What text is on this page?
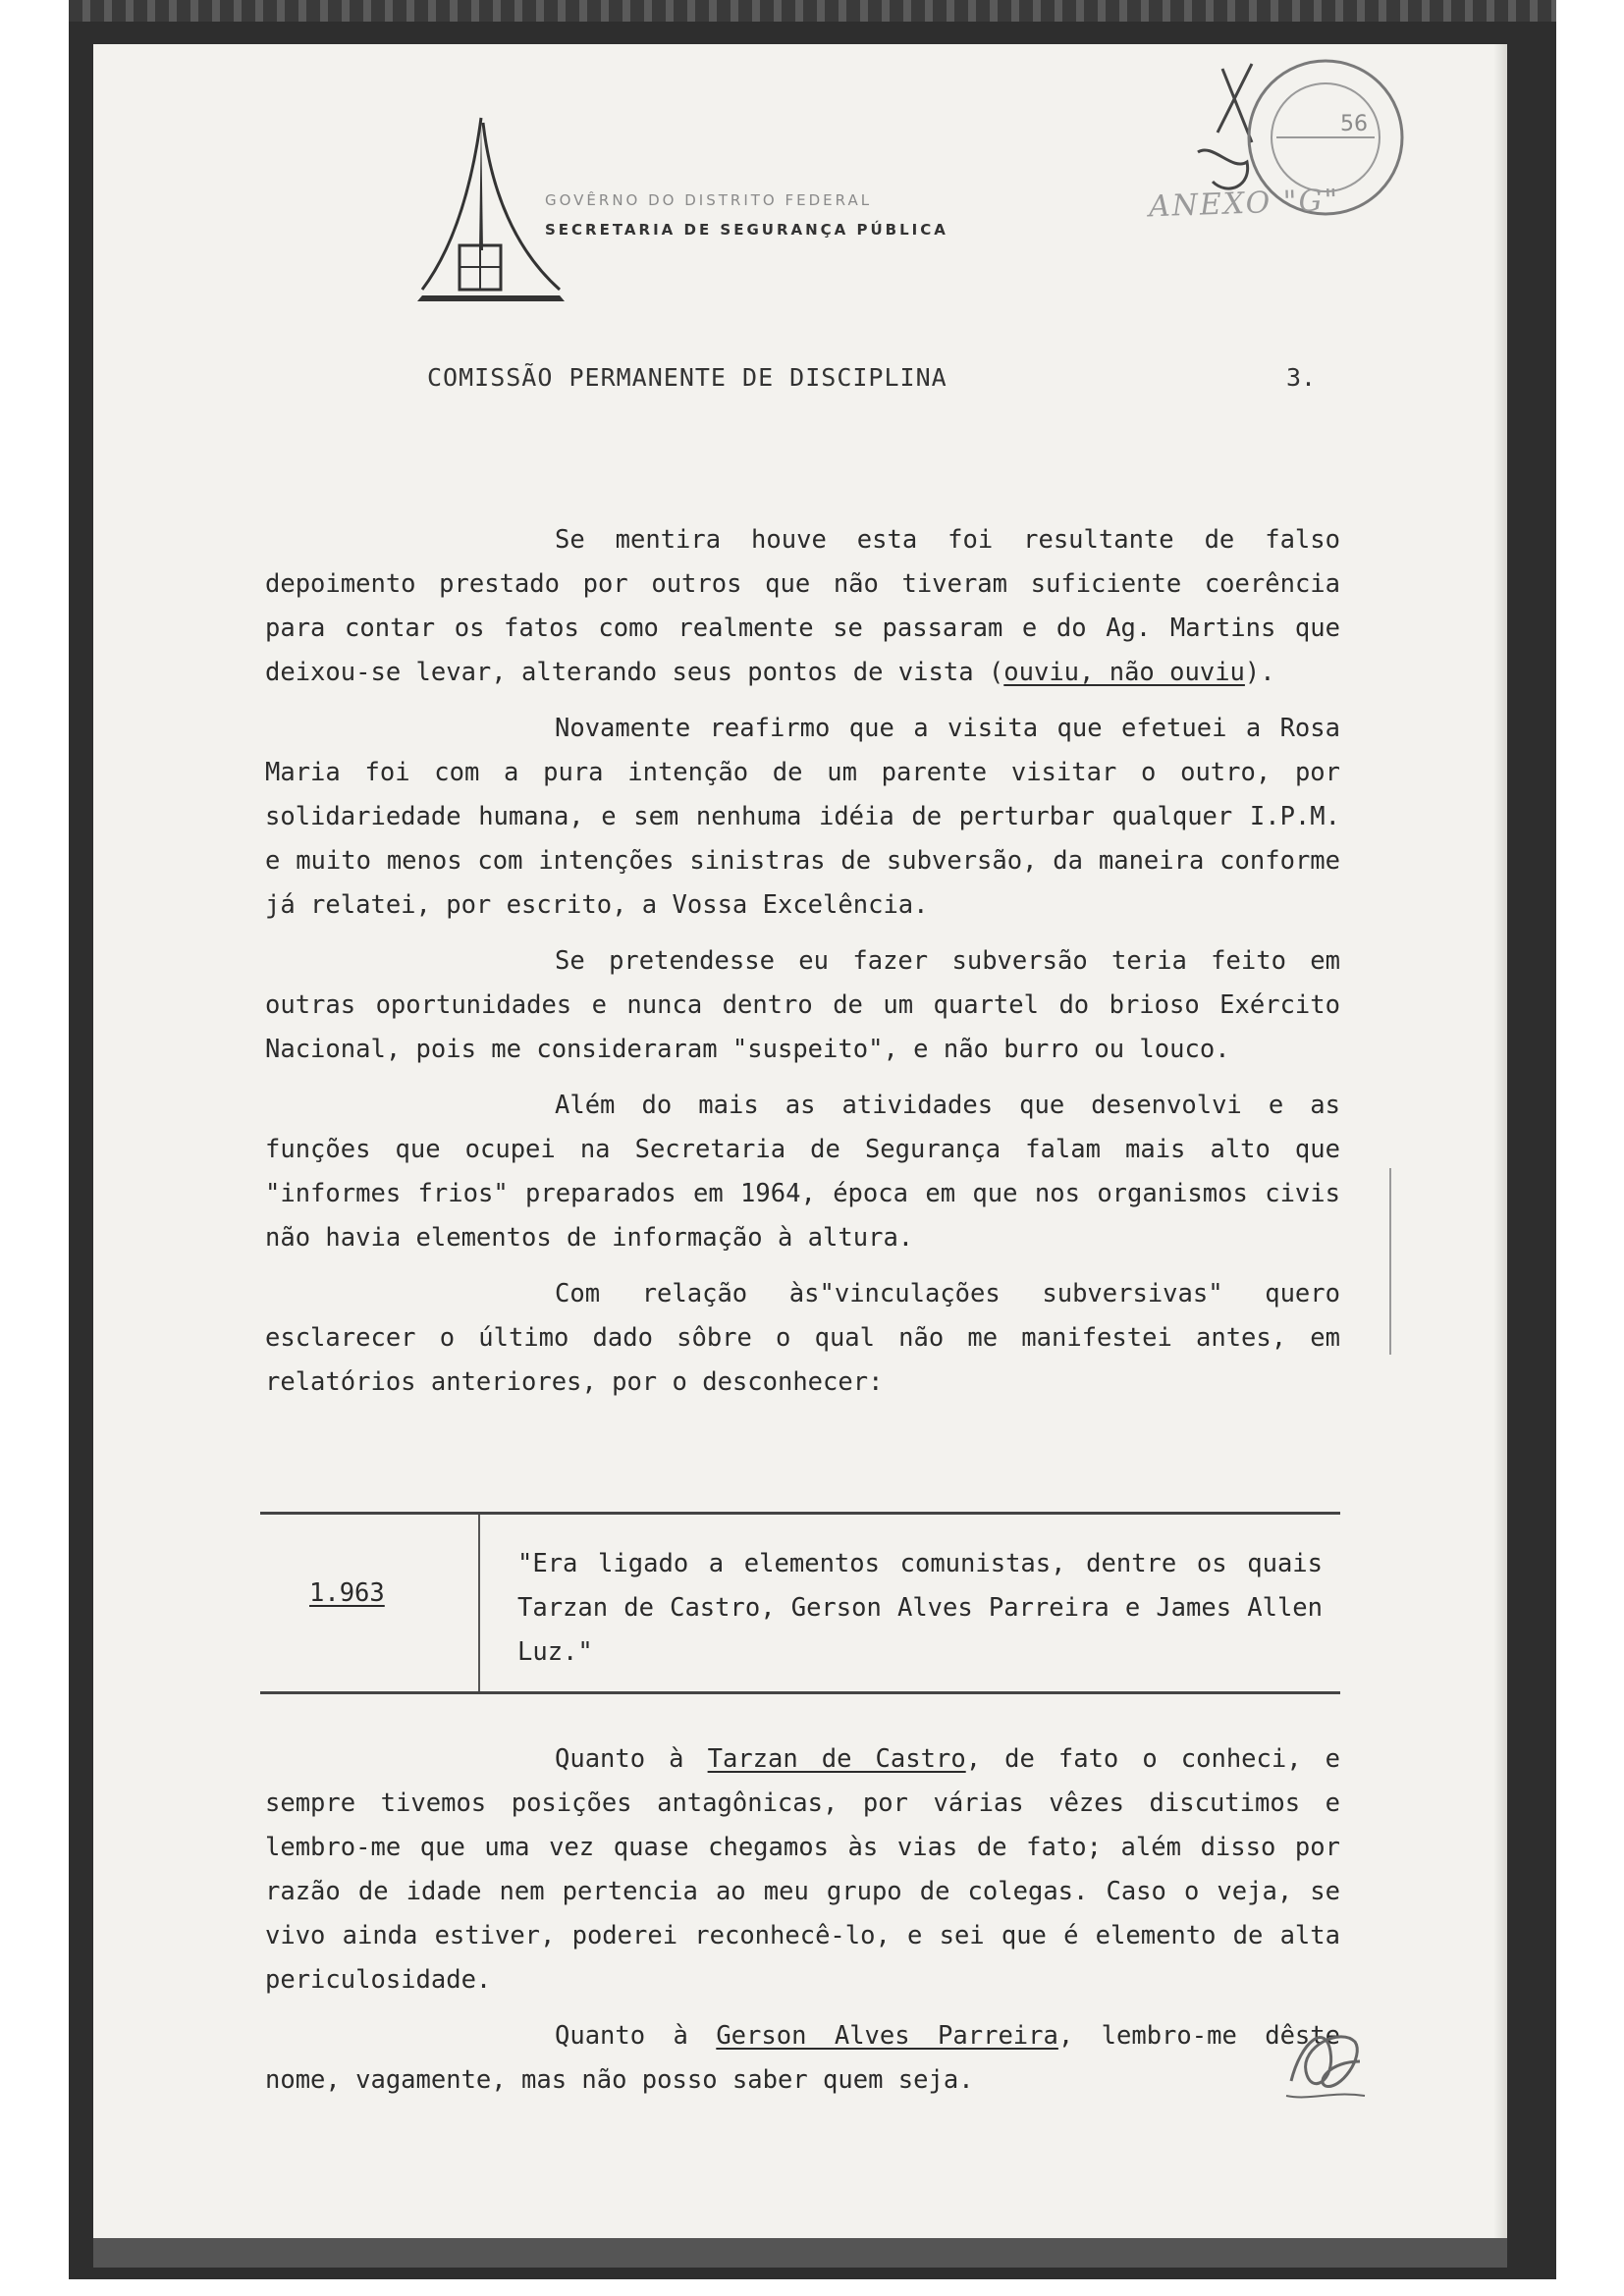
GOVÊRNO DO DISTRITO FEDERAL
SECRETARIA DE SEGURANÇA PÚBLICA
56
ANEXO "G"
COMISSÃO PERMANENTE DE DISCIPLINA	3.

Se mentira houve esta foi resultante de falso depoimento prestado por outros que não tiveram suficiente coerência para contar os fatos como realmente se passaram e do Ag. Martins que deixou-se levar, alterando seus pontos de vista (ouviu, não ouviu).

Novamente reafirmo que a visita que efetuei a Rosa Maria foi com a pura intenção de um parente visitar o outro, por solidariedade humana, e sem nenhuma idéia de perturbar qualquer I.P.M. e muito menos com intenções sinistras de subversão, da maneira conforme já relatei, por escrito, a Vossa Excelência.

Se pretendesse eu fazer subversão teria feito em outras oportunidades e nunca dentro de um quartel do brioso Exército Nacional, pois me consideraram "suspeito", e não burro ou louco.

Além do mais as atividades que desenvolvi e as funções que ocupei na Secretaria de Segurança falam mais alto que "informes frios" preparados em 1964, época em que nos organismos civis não havia elementos de informação à altura.

Com relação às"vinculações subversivas" quero esclarecer o último dado sôbre o qual não me manifestei antes, em relatórios anteriores, por o desconhecer:

1.963
"Era ligado a elementos comunistas, dentre os quais Tarzan de Castro, Gerson Alves Parreira e James Allen Luz."

Quanto à Tarzan de Castro, de fato o conheci, e sempre tivemos posições antagônicas, por várias vêzes discutimos e lembro-me que uma vez quase chegamos às vias de fato; além disso por razão de idade nem pertencia ao meu grupo de colegas. Caso o veja, se vivo ainda estiver, poderei reconhecê-lo, e sei que é elemento de alta periculosidade.

Quanto à Gerson Alves Parreira, lembro-me dêste nome, vagamente, mas não posso saber quem seja.
